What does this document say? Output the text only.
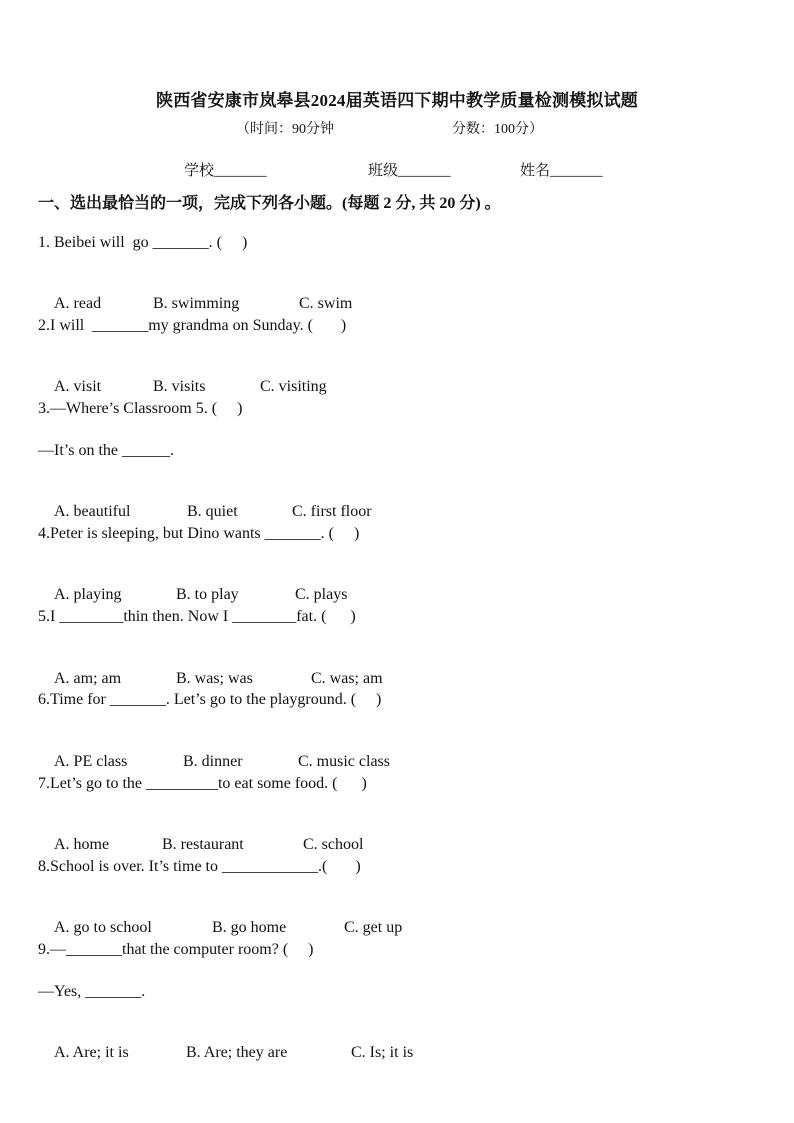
陕西省安康市岚皋县2024届英语四下期中教学质量检测模拟试题
（时间：90分钟	分数：100分）
学校_______	班级_______	姓名_______
一、选出最恰当的一项，完成下列各小题。(每题 2 分, 共 20 分) 。
1. Beibei will  go _______. (     )

A. read	B. swimming	C. swim

2.I will  _______my grandma on Sunday. (       )

A. visit	B. visits	C. visiting

3.—Where’s Classroom 5. (     )
—It’s on the ______.

A. beautiful	B. quiet	C. first floor

4.Peter is sleeping, but Dino wants _______. (     )

A. playing	B. to play	C. plays

5.I ________thin then. Now I ________fat. (      )

A. am; am	B. was; was	C. was; am

6.Time for _______. Let’s go to the playground. (     )

A. PE class	B. dinner	C. music class

7.Let’s go to the _________to eat some food. (      )

A. home	B. restaurant	C. school

8.School is over. It’s time to ____________.(       )

A. go to school	B. go home	C. get up

9.—_______that the computer room? (     )
—Yes, _______.

A. Are; it is	B. Are; they are	C. Is; it is
